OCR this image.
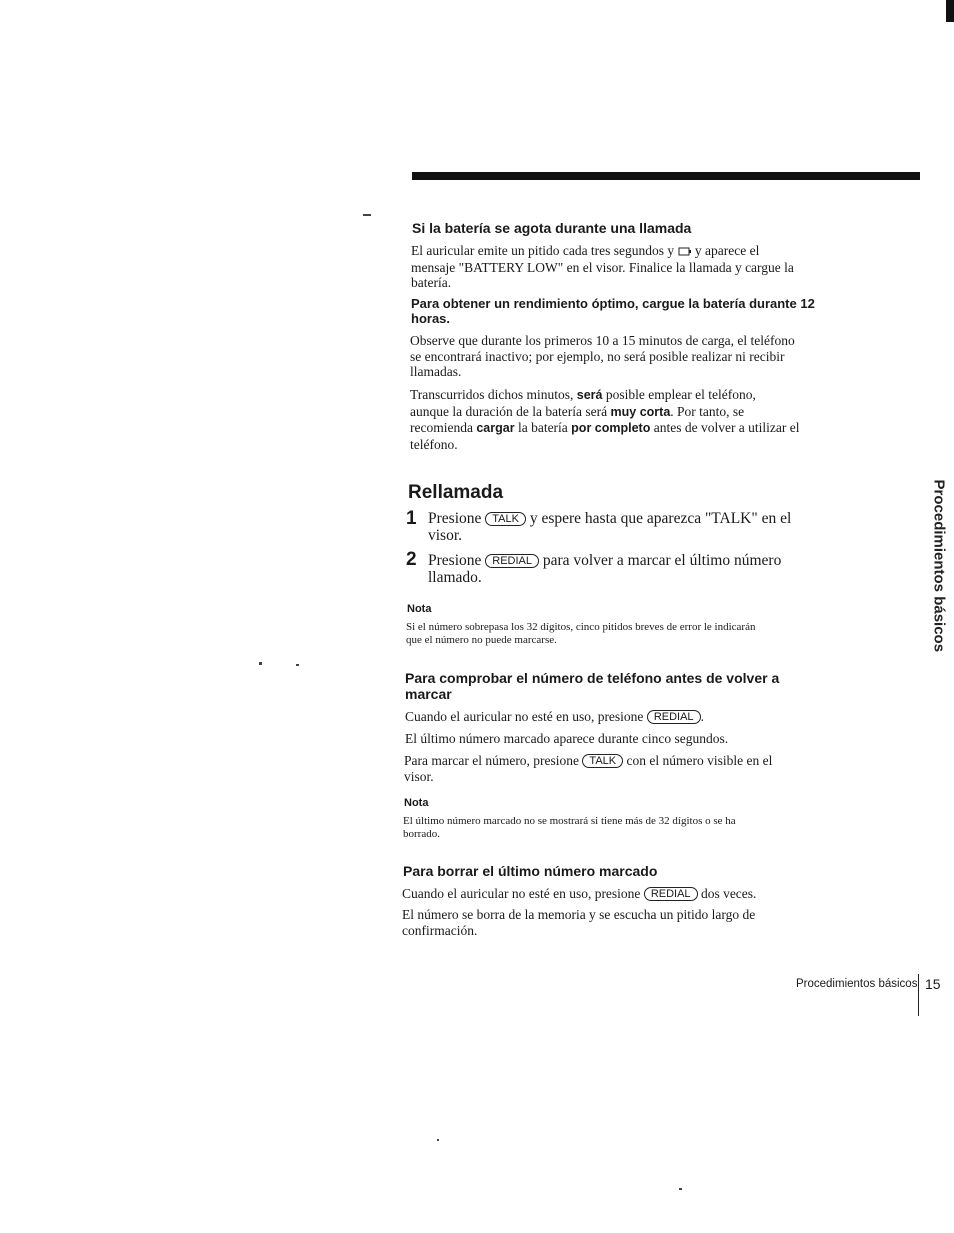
Si la batería se agota durante una llamada

El auricular emite un pitido cada tres segundos y y aparece el

mensaje "BATTERY LOW" en el visor. Finalice la llamada y cargue la

batería.

Para obtener un rendimiento óptimo, cargue la batería durante 12
horas.

Observe que durante los primeros 10 a 15 minutos de carga, el teléfono

se encontrará inactivo; por ejemplo, no será posible realizar ni recibir

llamadas.

Transcurridos dichos minutos, será posible emplear el teléfono,

aunque la duración de la batería será muy corta. Por tanto, se

recomienda cargar la batería por completo antes de volver a utilizar el

teléfono.

Rellamada
1 Presione TALK y espere hasta que aparezca "TALK" en el
visor.
2 Presione REDIAL para volver a marcar el último número
llamado.
Nota

Si el número sobrepasa los 32 dígitos, cinco pitidos breves de error le indicarán

que el número no puede marcarse.

Para comprobar el número de teléfono antes de volver a
marcar

Cuando el auricular no esté en uso, presione REDIAL .

El último número marcado aparece durante cinco segundos.

Para marcar el número, presione TALK con el número visible en el

visor.

Nota

El último número marcado no se mostrará si tiene más de 32 dígitos o se ha

borrado.

Para borrar el último número marcado

Cuando el auricular no esté en uso, presione REDIAL dos veces.

El número se borra de la memoria y se escucha un pitido largo de

confirmación.

Procedimientos básicos 15
Procedimientos básicos
